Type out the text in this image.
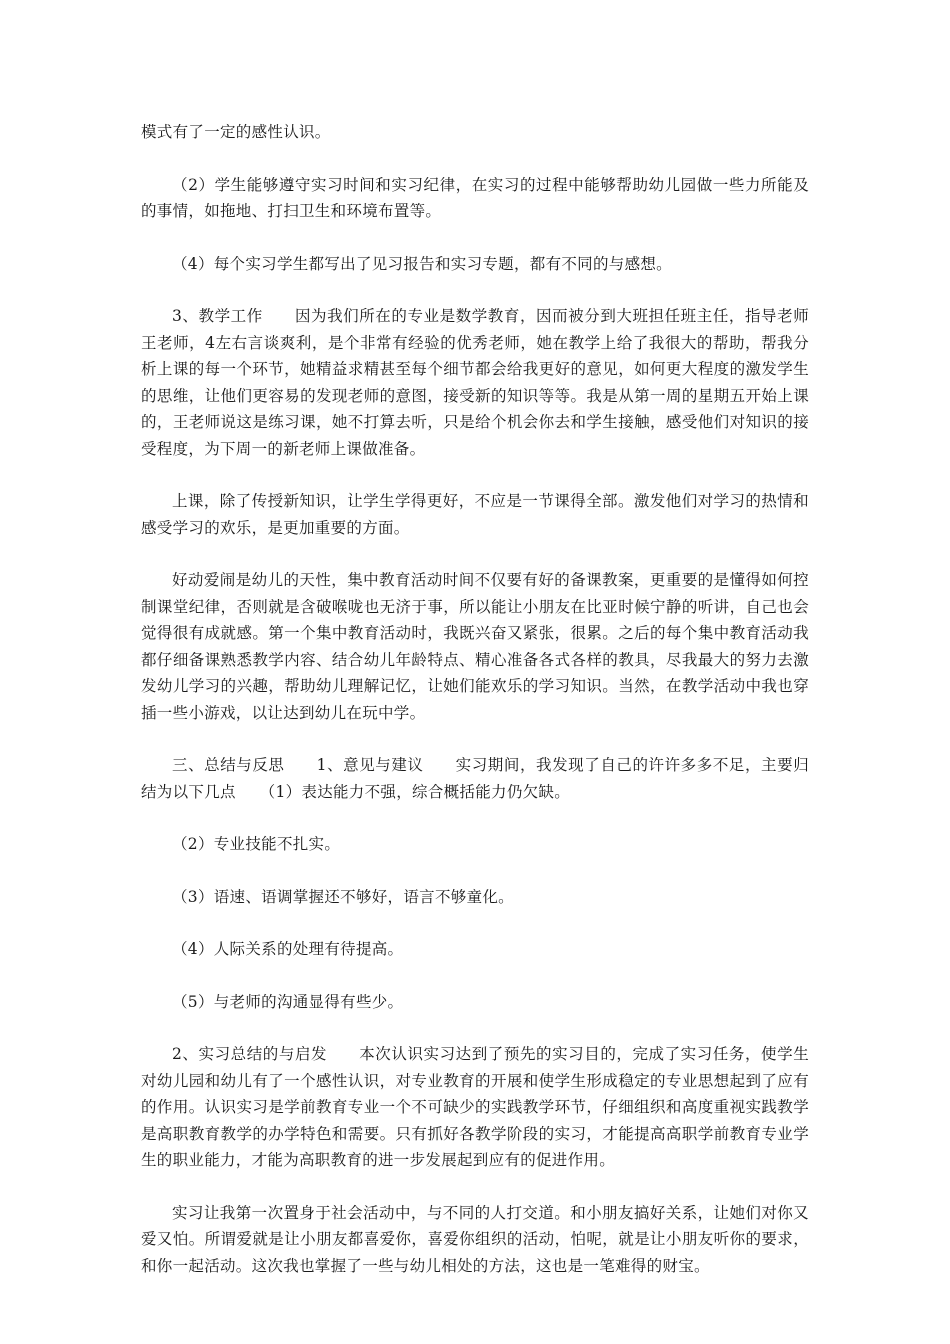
模式有了一定的感性认识。

（2）学生能够遵守实习时间和实习纪律，在实习的过程中能够帮助幼儿园做一些力所能及的事情，如拖地、打扫卫生和环境布置等。

（4）每个实习学生都写出了见习报告和实习专题，都有不同的与感想。

3、教学工作　　因为我们所在的专业是数学教育，因而被分到大班担任班主任，指导老师王老师，4左右言谈爽利，是个非常有经验的优秀老师，她在教学上给了我很大的帮助，帮我分析上课的每一个环节，她精益求精甚至每个细节都会给我更好的意见，如何更大程度的激发学生的思维，让他们更容易的发现老师的意图，接受新的知识等等。我是从第一周的星期五开始上课的，王老师说这是练习课，她不打算去听，只是给个机会你去和学生接触，感受他们对知识的接受程度，为下周一的新老师上课做准备。

上课，除了传授新知识，让学生学得更好，不应是一节课得全部。激发他们对学习的热情和感受学习的欢乐，是更加重要的方面。

好动爱闹是幼儿的天性，集中教育活动时间不仅要有好的备课教案，更重要的是懂得如何控制课堂纪律，否则就是含破喉咙也无济于事，所以能让小朋友在比亚时候宁静的听讲，自己也会觉得很有成就感。第一个集中教育活动时，我既兴奋又紧张，很累。之后的每个集中教育活动我都仔细备课熟悉教学内容、结合幼儿年龄特点、精心准备各式各样的教具，尽我最大的努力去激发幼儿学习的兴趣，帮助幼儿理解记忆，让她们能欢乐的学习知识。当然，在教学活动中我也穿插一些小游戏，以让达到幼儿在玩中学。

三、总结与反思　　1、意见与建议　　实习期间，我发现了自己的许许多多不足，主要归结为以下几点　　（1）表达能力不强，综合概括能力仍欠缺。

（2）专业技能不扎实。

（3）语速、语调掌握还不够好，语言不够童化。

（4）人际关系的处理有待提高。

（5）与老师的沟通显得有些少。

2、实习总结的与启发　　本次认识实习达到了预先的实习目的，完成了实习任务，使学生对幼儿园和幼儿有了一个感性认识，对专业教育的开展和使学生形成稳定的专业思想起到了应有的作用。认识实习是学前教育专业一个不可缺少的实践教学环节，仔细组织和高度重视实践教学是高职教育教学的办学特色和需要。只有抓好各教学阶段的实习，才能提高高职学前教育专业学生的职业能力，才能为高职教育的进一步发展起到应有的促进作用。

实习让我第一次置身于社会活动中，与不同的人打交道。和小朋友搞好关系，让她们对你又爱又怕。所谓爱就是让小朋友都喜爱你，喜爱你组织的活动，怕呢，就是让小朋友听你的要求，和你一起活动。这次我也掌握了一些与幼儿相处的方法，这也是一笔难得的财宝。
